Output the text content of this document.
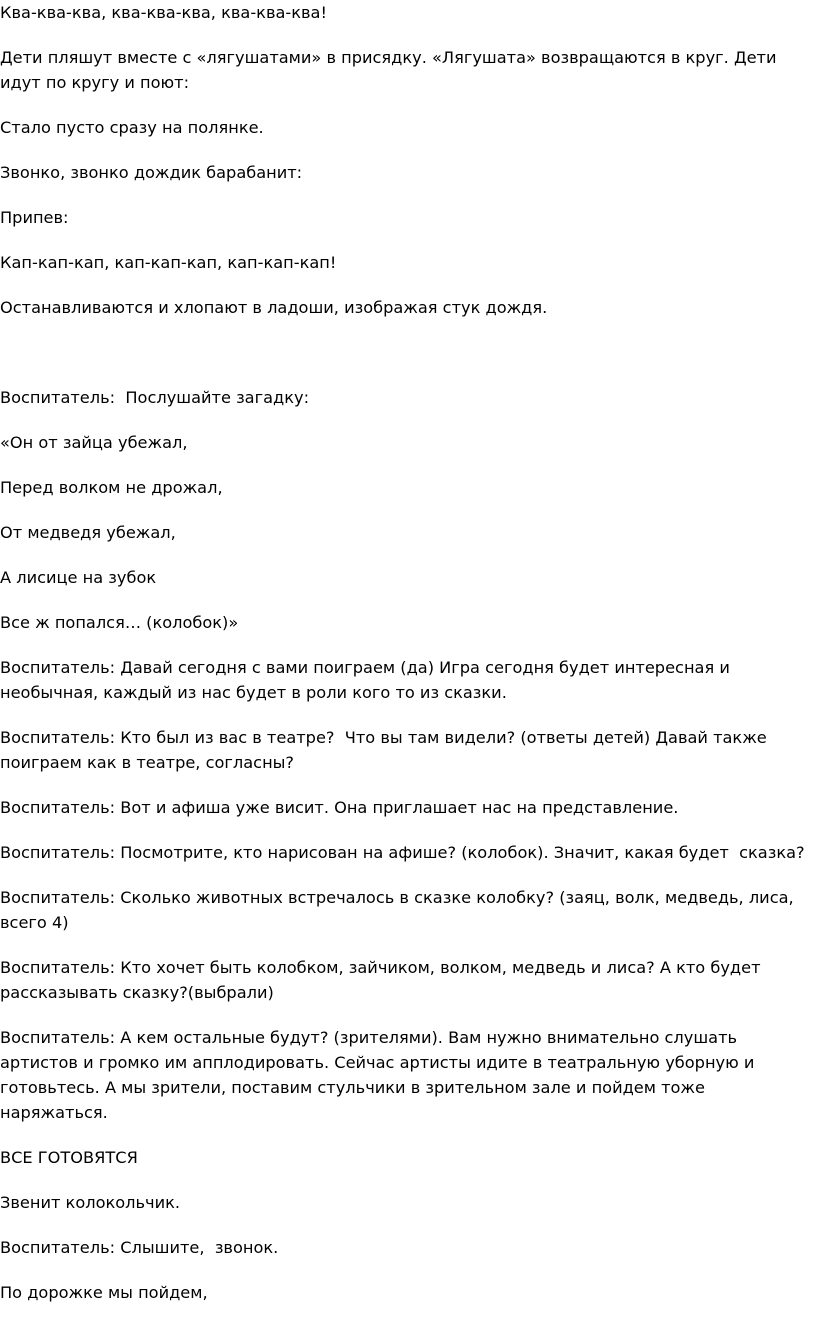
Ква-ква-ква, ква-ква-ква, ква-ква-ква!

Дети пляшут вместе с «лягушатами» в присядку. «Лягушата» возвращаются в круг. Дети идут по кругу и поют:

Стало пусто сразу на полянке.

Звонко, звонко дождик барабанит:

Припев:

Кап-кап-кап, кап-кап-кап, кап-кап-кап!

Останавливаются и хлопают в ладоши, изображая стук дождя.

Воспитатель:  Послушайте загадку:

«Он от зайца убежал,

Перед волком не дрожал,

От медведя убежал,

А лисице на зубок

Все ж попался… (колобок)»

Воспитатель: Давай сегодня с вами поиграем (да) Игра сегодня будет интересная и необычная, каждый из нас будет в роли кого то из сказки.

Воспитатель: Кто был из вас в театре?  Что вы там видели? (ответы детей) Давай также поиграем как в театре, согласны?

Воспитатель: Вот и афиша уже висит. Она приглашает нас на представление.

Воспитатель: Посмотрите, кто нарисован на афише? (колобок). Значит, какая будет  сказка?

Воспитатель: Сколько животных встречалось в сказке колобку? (заяц, волк, медведь, лиса, всего 4)

Воспитатель: Кто хочет быть колобком, зайчиком, волком, медведь и лиса? А кто будет рассказывать сказку?(выбрали)

Воспитатель: А кем остальные будут? (зрителями). Вам нужно внимательно слушать артистов и громко им апплодировать. Сейчас артисты идите в театральную уборную и готовьтесь. А мы зрители, поставим стульчики в зрительном зале и пойдем тоже наряжаться.

ВСЕ ГОТОВЯТСЯ

Звенит колокольчик.

Воспитатель: Слышите,  звонок.

По дорожке мы пойдем,
